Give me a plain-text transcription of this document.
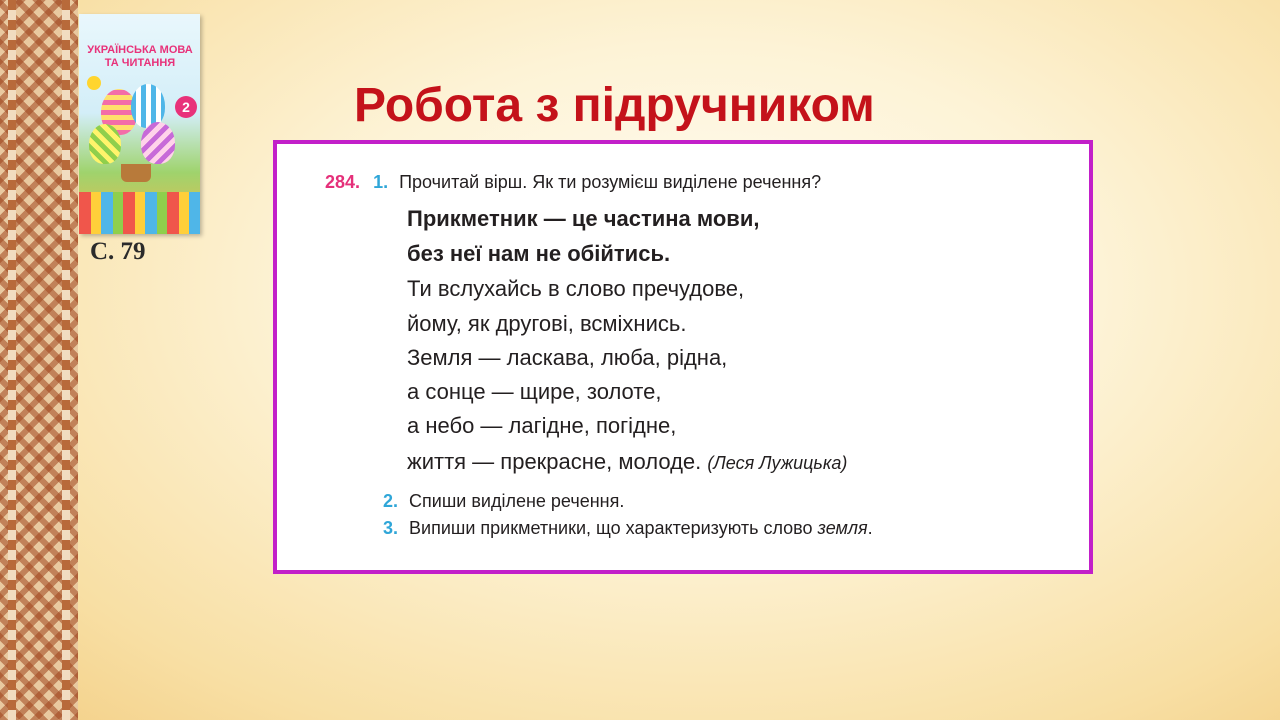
УКРАЇНСЬКА МОВА ТА ЧИТАННЯ
2
С. 79
Робота з підручником
284. 1. Прочитай вірш. Як ти розумієш виділене речення?
Прикметник — це частина мови,
без неї нам не обійтись.
Ти вслухайсь в слово пречудове,
йому, як другові, всміхнись.
Земля — ласкава, люба, рідна,
а сонце — щире, золоте,
а небо — лагідне, погідне,
життя — прекрасне, молоде. (Леся Лужицька)
2. Спиши виділене речення.
3. Випиши прикметники, що характеризують слово земля.
